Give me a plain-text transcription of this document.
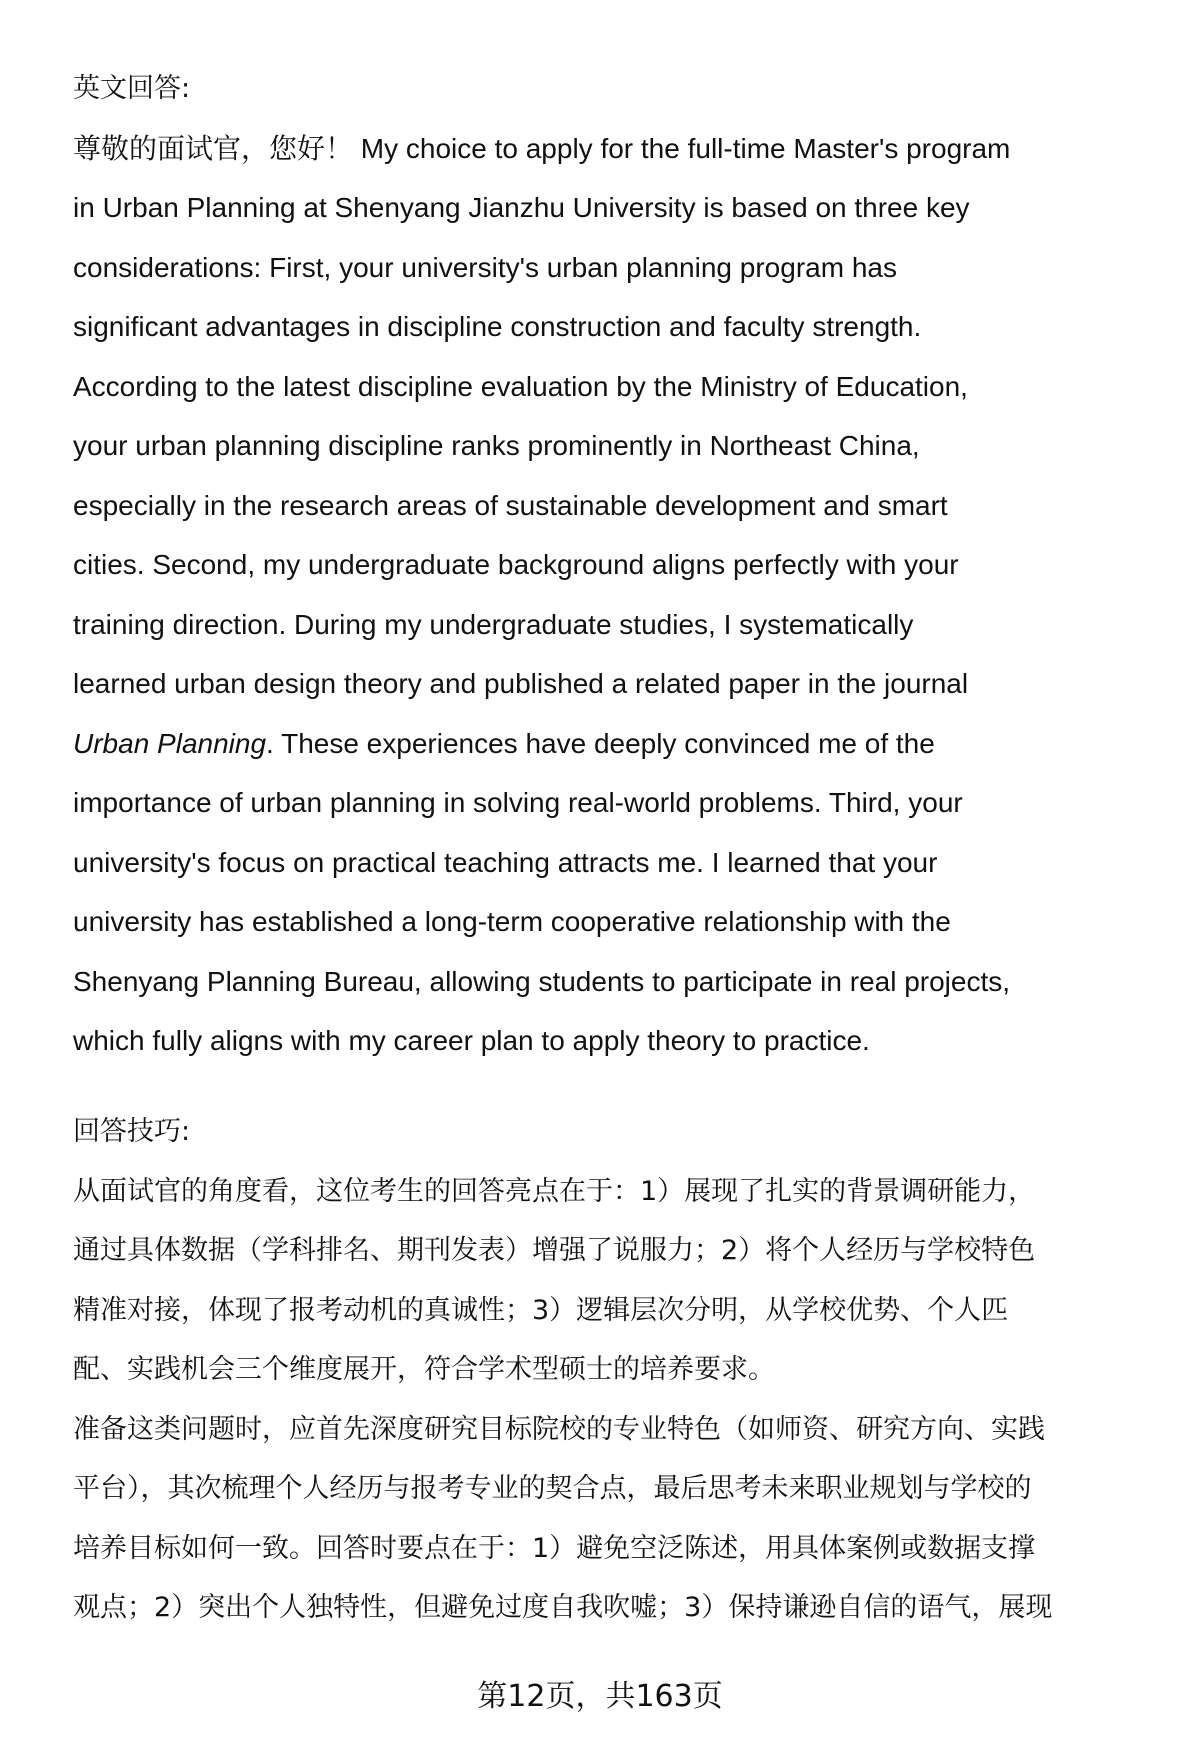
英文回答:
尊敬的面试官，您好！ My choice to apply for the full-time Master's program
in Urban Planning at Shenyang Jianzhu University is based on three key
considerations: First, your university's urban planning program has
significant advantages in discipline construction and faculty strength.
According to the latest discipline evaluation by the Ministry of Education,
your urban planning discipline ranks prominently in Northeast China,
especially in the research areas of sustainable development and smart
cities. Second, my undergraduate background aligns perfectly with your
training direction. During my undergraduate studies, I systematically
learned urban design theory and published a related paper in the journal
Urban Planning. These experiences have deeply convinced me of the
importance of urban planning in solving real-world problems. Third, your
university's focus on practical teaching attracts me. I learned that your
university has established a long-term cooperative relationship with the
Shenyang Planning Bureau, allowing students to participate in real projects,
which fully aligns with my career plan to apply theory to practice.
回答技巧:
从面试官的角度看，这位考生的回答亮点在于：1）展现了扎实的背景调研能力，
通过具体数据（学科排名、期刊发表）增强了说服力；2）将个人经历与学校特色
精准对接，体现了报考动机的真诚性；3）逻辑层次分明，从学校优势、个人匹
配、实践机会三个维度展开，符合学术型硕士的培养要求。
准备这类问题时，应首先深度研究目标院校的专业特色（如师资、研究方向、实践
平台），其次梳理个人经历与报考专业的契合点，最后思考未来职业规划与学校的
培养目标如何一致。回答时要点在于：1）避免空泛陈述，用具体案例或数据支撑
观点；2）突出个人独特性，但避免过度自我吹嘘；3）保持谦逊自信的语气，展现
第12页，共163页
